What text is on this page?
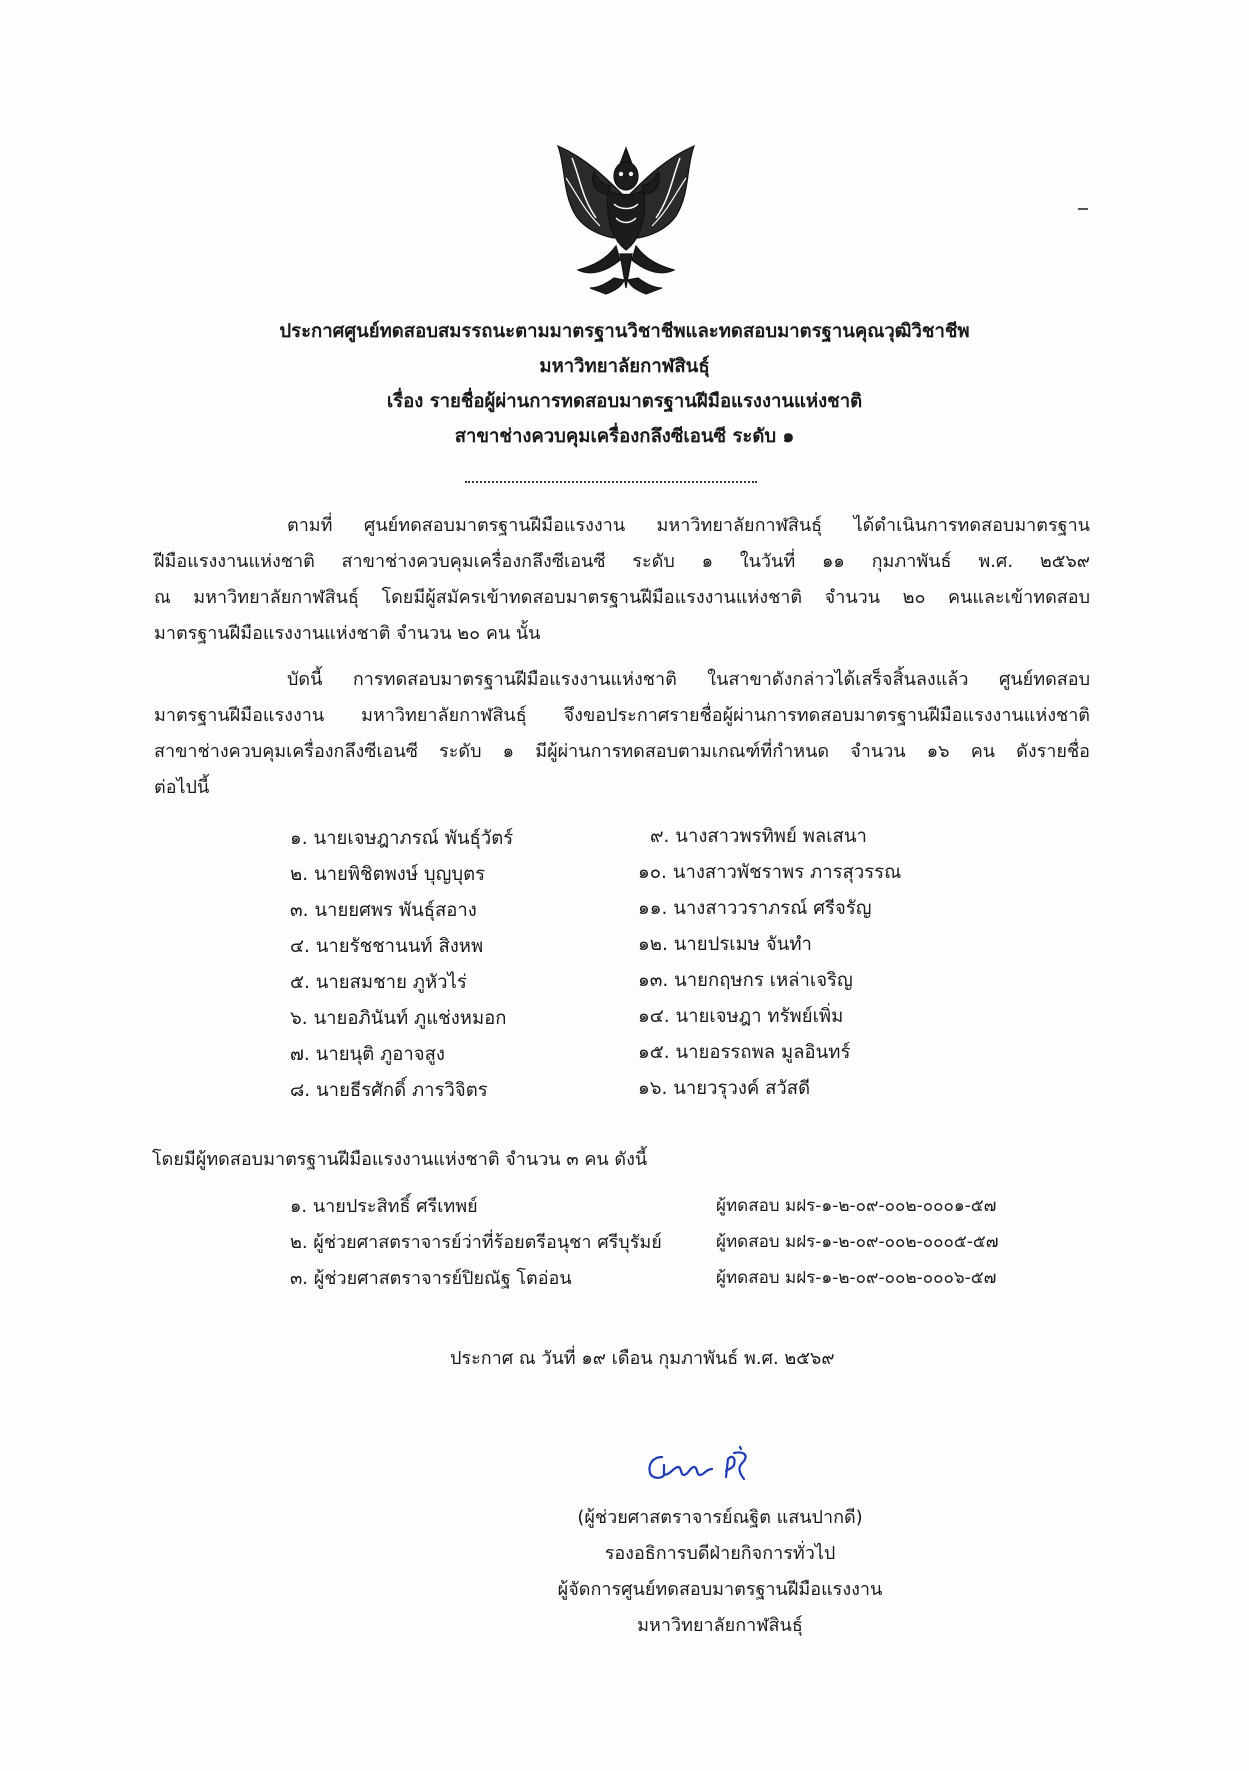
ประกาศศูนย์ทดสอบสมรรถนะตามมาตรฐานวิชาชีพและทดสอบมาตรฐานคุณวุฒิวิชาชีพ
มหาวิทยาลัยกาฬสินธุ์
เรื่อง รายชื่อผู้ผ่านการทดสอบมาตรฐานฝีมือแรงงานแห่งชาติ
สาขาช่างควบคุมเครื่องกลึงซีเอนซี ระดับ ๑
ตามที่ ศูนย์ทดสอบมาตรฐานฝีมือแรงงาน มหาวิทยาลัยกาฬสินธุ์ ได้ดำเนินการทดสอบมาตรฐาน
ฝีมือแรงงานแห่งชาติ สาขาช่างควบคุมเครื่องกลึงซีเอนซี ระดับ ๑ ในวันที่ ๑๑ กุมภาพันธ์ พ.ศ. ๒๕๖๙
ณ มหาวิทยาลัยกาฬสินธุ์ โดยมีผู้สมัครเข้าทดสอบมาตรฐานฝีมือแรงงานแห่งชาติ จำนวน ๒๐ คนและเข้าทดสอบ
มาตรฐานฝีมือแรงงานแห่งชาติ จำนวน ๒๐ คน นั้น
บัดนี้ การทดสอบมาตรฐานฝีมือแรงงานแห่งชาติ ในสาขาดังกล่าวได้เสร็จสิ้นลงแล้ว ศูนย์ทดสอบ
มาตรฐานฝีมือแรงงาน มหาวิทยาลัยกาฬสินธุ์ จึงขอประกาศรายชื่อผู้ผ่านการทดสอบมาตรฐานฝีมือแรงงานแห่งชาติ
สาขาช่างควบคุมเครื่องกลึงซีเอนซี ระดับ ๑ มีผู้ผ่านการทดสอบตามเกณฑ์ที่กำหนด จำนวน ๑๖ คน ดังรายชื่อ
ต่อไปนี้
๑. นายเจษฎาภรณ์ พันธุ์วัตร์
๒. นายพิชิตพงษ์ บุญบุตร
๓. นายยศพร พันธุ์สอาง
๔. นายรัชชานนท์ สิงหพ
๕. นายสมชาย ภูหัวไร่
๖. นายอภินันท์ ภูแช่งหมอก
๗. นายนุติ ภูอาจสูง
๘. นายธีรศักดิ์ ภารวิจิตร
๙. นางสาวพรทิพย์ พลเสนา
๑๐. นางสาวพัชราพร ภารสุวรรณ
๑๑. นางสาววราภรณ์ ศรีจรัญ
๑๒. นายปรเมษ จันทำ
๑๓. นายกฤษกร เหล่าเจริญ
๑๔. นายเจษฎา ทรัพย์เพิ่ม
๑๕. นายอรรถพล มูลอินทร์
๑๖. นายวรุวงค์ สวัสดี
โดยมีผู้ทดสอบมาตรฐานฝีมือแรงงานแห่งชาติ จำนวน ๓ คน ดังนี้
๑. นายประสิทธิ์ ศรีเทพย์	ผู้ทดสอบ มฝร-๑-๒-๐๙-๐๐๒-๐๐๐๑-๕๗
๒. ผู้ช่วยศาสตราจารย์ว่าที่ร้อยตรีอนุชา ศรีบุรัมย์	ผู้ทดสอบ มฝร-๑-๒-๐๙-๐๐๒-๐๐๐๕-๕๗
๓. ผู้ช่วยศาสตราจารย์ปิยณัฐ โตอ่อน	ผู้ทดสอบ มฝร-๑-๒-๐๙-๐๐๒-๐๐๐๖-๕๗
ประกาศ ณ วันที่ ๑๙ เดือน กุมภาพันธ์ พ.ศ. ๒๕๖๙
(ผู้ช่วยศาสตราจารย์ณฐิต แสนปากดี)
รองอธิการบดีฝ่ายกิจการทั่วไป
ผู้จัดการศูนย์ทดสอบมาตรฐานฝีมือแรงงาน
มหาวิทยาลัยกาฬสินธุ์
